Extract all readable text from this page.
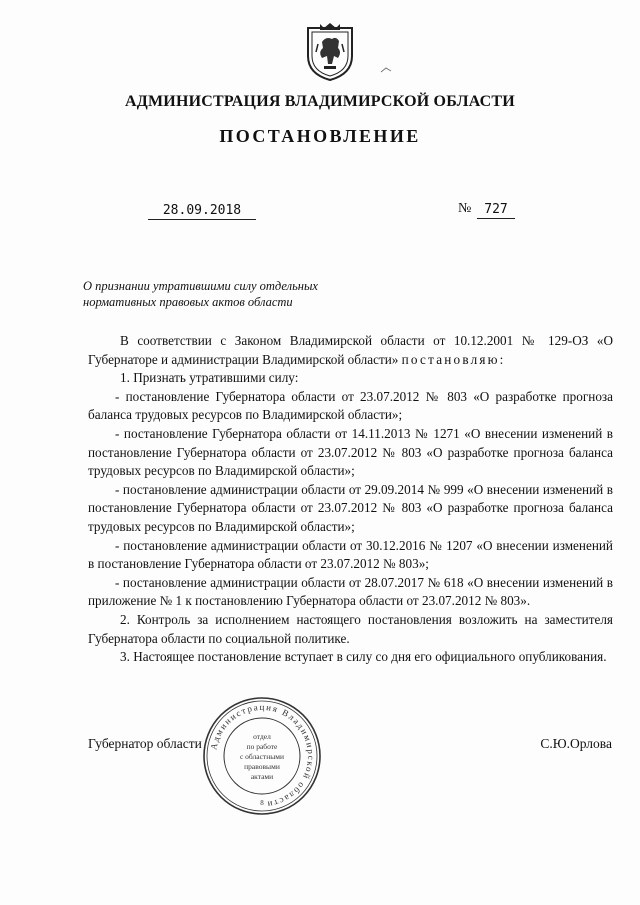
АДМИНИСТРАЦИЯ ВЛАДИМИРСКОЙ ОБЛАСТИ
ПОСТАНОВЛЕНИЕ
28.09.2018	№ 727
О признании утратившими силу отдельных
нормативных правовых актов области

В соответствии с Законом Владимирской области от 10.12.2001 № 129-ОЗ «О Губернаторе и администрации Владимирской области» постановляю:

1. Признать утратившими силу:

- постановление Губернатора области от 23.07.2012 № 803 «О разработке прогноза баланса трудовых ресурсов по Владимирской области»;

- постановление Губернатора области от 14.11.2013 № 1271 «О внесении изменений в постановление Губернатора области от 23.07.2012 № 803 «О разработке прогноза баланса трудовых ресурсов по Владимирской области»;

- постановление администрации области от 29.09.2014 № 999 «О внесении изменений в постановление Губернатора области от 23.07.2012 № 803 «О разработке прогноза баланса трудовых ресурсов по Владимирской области»;

- постановление администрации области от 30.12.2016 № 1207 «О внесении изменений в постановление Губернатора области от 23.07.2012 № 803»;

- постановление администрации области от 28.07.2017 № 618 «О внесении изменений в приложение № 1 к постановлению Губернатора области от 23.07.2012 № 803».

2. Контроль за исполнением настоящего постановления возложить на заместителя Губернатора области по социальной политике.

3. Настоящее постановление вступает в силу со дня его официального опубликования.

Губернатор области	С.Ю.Орлова
Администрация Владимирской области
отдел
по работе
с областными
правовыми
актами
8
